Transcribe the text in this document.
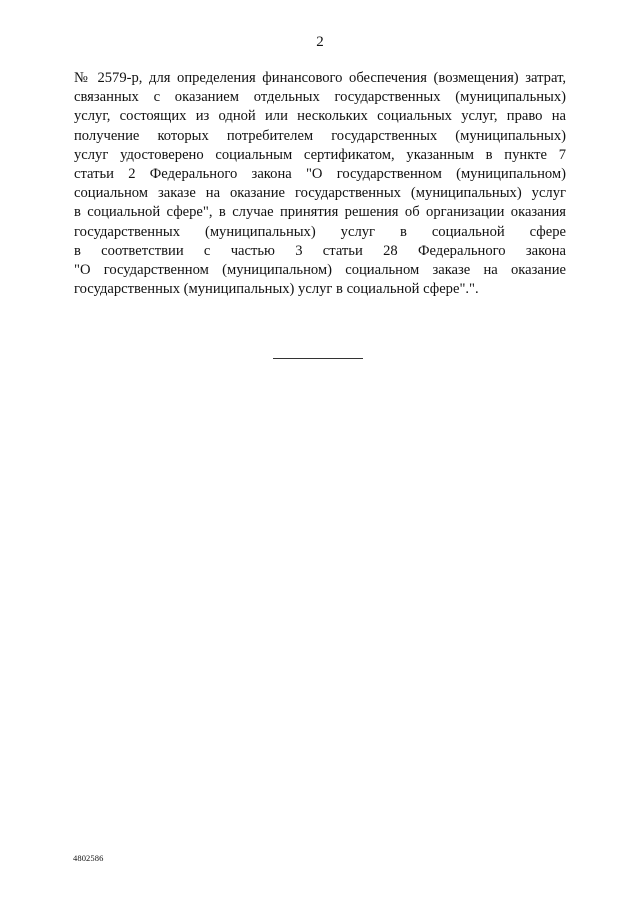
2
№ 2579-р, для определения финансового обеспечения (возмещения) затрат,
связанных с оказанием отдельных государственных (муниципальных)
услуг, состоящих из одной или нескольких социальных услуг, право на
получение которых потребителем государственных (муниципальных)
услуг удостоверено социальным сертификатом, указанным в пункте 7
статьи 2 Федерального закона "О государственном (муниципальном)
социальном заказе на оказание государственных (муниципальных) услуг
в социальной сфере", в случае принятия решения об организации оказания
государственных (муниципальных) услуг в социальной сфере
в соответствии с частью 3 статьи 28 Федерального закона
"О государственном (муниципальном) социальном заказе на оказание
государственных (муниципальных) услуг в социальной сфере".".
4802586
